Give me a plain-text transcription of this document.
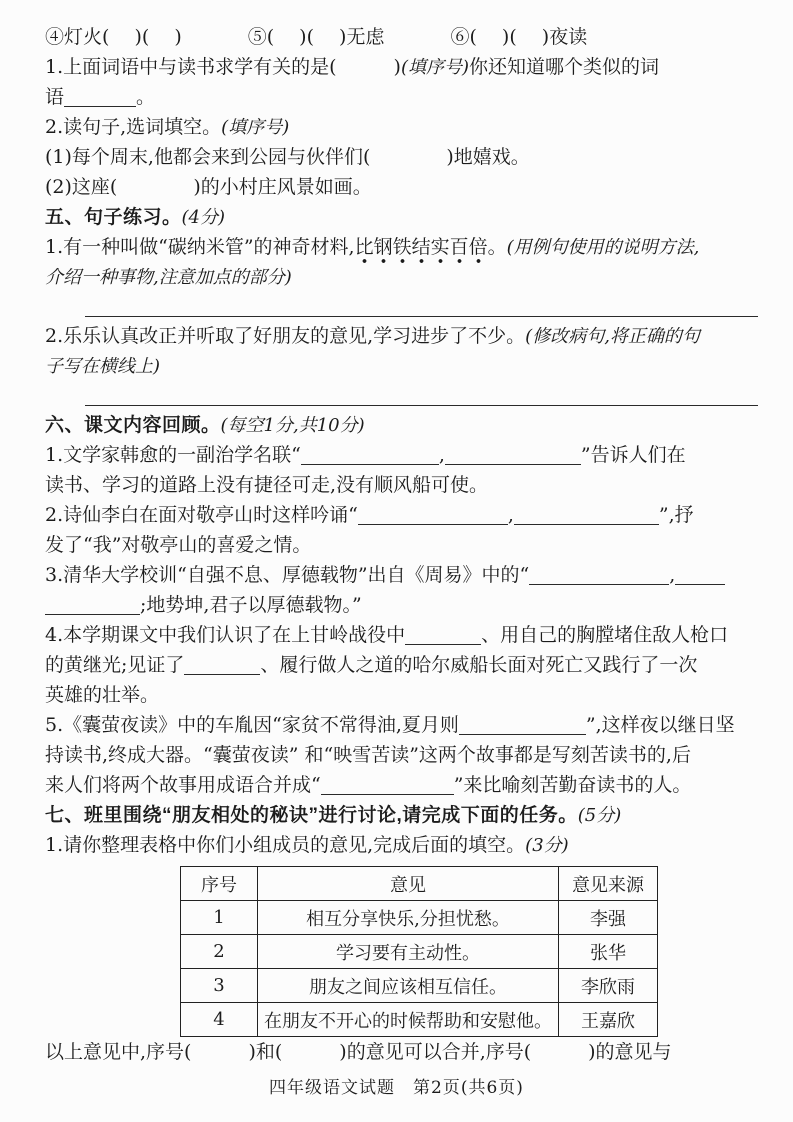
④灯火(　 )(　 )	⑤(　 )(　 )无虑	⑥(　 )(　 )夜读

1.上面词语中与读书求学有关的是(　　　)(填序号)你还知道哪个类似的词

语	。

2.读句子,选词填空。(填序号)

(1)每个周末,他都会来到公园与伙伴们(　　　　)地嬉戏。

(2)这座(　　　　)的小村庄风景如画。

五、句子练习。(4分)

1.有一种叫做“碳纳米管”的神奇材料,比钢铁结实百倍。(用例句使用的说明方法,

介绍一种事物,注意加点的部分)

2.乐乐认真改正并听取了好朋友的意见,学习进步了不少。(修改病句,将正确的句

子写在横线上)

六、课文内容回顾。(每空1分,共10分)

1.文学家韩愈的一副治学名联“	,	”告诉人们在

读书、学习的道路上没有捷径可走,没有顺风船可使。

2.诗仙李白在面对敬亭山时这样吟诵“	,	”,抒

发了“我”对敬亭山的喜爱之情。

3.清华大学校训“自强不息、厚德载物”出自《周易》中的“	,

;地势坤,君子以厚德载物。”

4.本学期课文中我们认识了在上甘岭战役中	、用自己的胸膛堵住敌人枪口

的黄继光;见证了	、履行做人之道的哈尔威船长面对死亡又践行了一次

英雄的壮举。

5.《囊萤夜读》中的车胤因“家贫不常得油,夏月则	”,这样夜以继日坚

持读书,终成大器。“囊萤夜读” 和“映雪苦读”这两个故事都是写刻苦读书的,后

来人们将两个故事用成语合并成“	”来比喻刻苦勤奋读书的人。

七、班里围绕“朋友相处的秘诀”进行讨论,请完成下面的任务。(5分)

1.请你整理表格中你们小组成员的意见,完成后面的填空。(3分)

序号	意见	意见来源
1	相互分享快乐,分担忧愁。	李强
2	学习要有主动性。	张华
3	朋友之间应该相互信任。	李欣雨
4	在朋友不开心的时候帮助和安慰他。	王嘉欣

以上意见中,序号(　　　)和(　　　)的意见可以合并,序号(　　　)的意见与

四年级语文试题　第2页(共6页)
